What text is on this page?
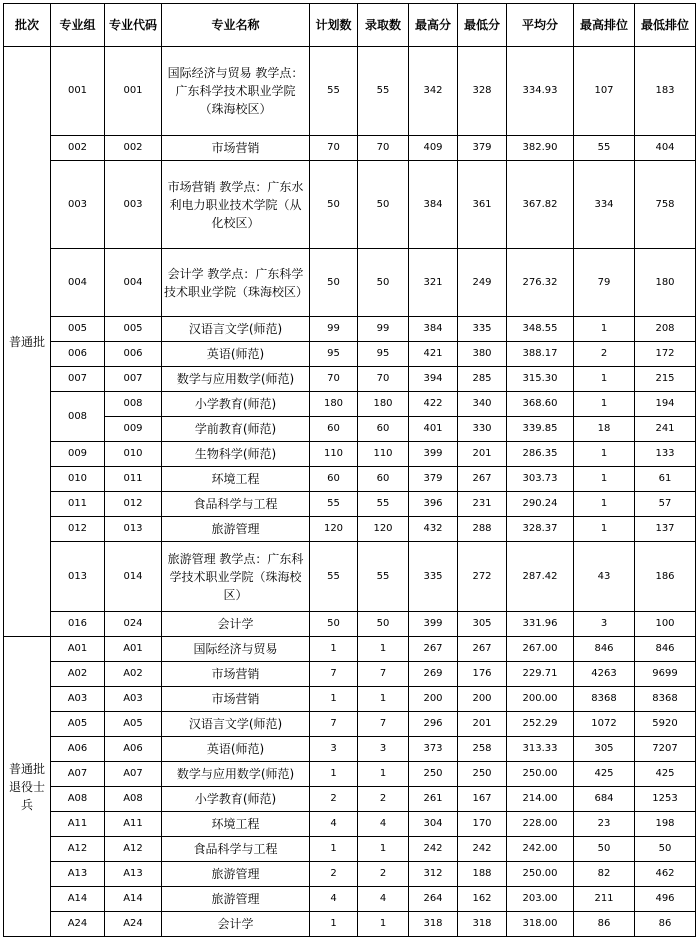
批次	专业组	专业代码	专业名称	计划数	录取数	最高分	最低分	平均分	最高排位	最低排位
普通批	001	001	国际经济与贸易 教学点：广东科学技术职业学院（珠海校区）	55	55	342	328	334.93	107	183
	002	002	市场营销	70	70	409	379	382.90	55	404
	003	003	市场营销 教学点：广东水利电力职业技术学院（从化校区）	50	50	384	361	367.82	334	758
	004	004	会计学 教学点：广东科学技术职业学院（珠海校区）	50	50	321	249	276.32	79	180
	005	005	汉语言文学(师范)	99	99	384	335	348.55	1	208
	006	006	英语(师范)	95	95	421	380	388.17	2	172
	007	007	数学与应用数学(师范)	70	70	394	285	315.30	1	215
	008	008	小学教育(师范)	180	180	422	340	368.60	1	194
		009	学前教育(师范)	60	60	401	330	339.85	18	241
	009	010	生物科学(师范)	110	110	399	201	286.35	1	133
	010	011	环境工程	60	60	379	267	303.73	1	61
	011	012	食品科学与工程	55	55	396	231	290.24	1	57
	012	013	旅游管理	120	120	432	288	328.37	1	137
	013	014	旅游管理 教学点：广东科学技术职业学院（珠海校区）	55	55	335	272	287.42	43	186
	016	024	会计学	50	50	399	305	331.96	3	100
普通批退役士兵	A01	A01	国际经济与贸易	1	1	267	267	267.00	846	846
	A02	A02	市场营销	7	7	269	176	229.71	4263	9699
	A03	A03	市场营销	1	1	200	200	200.00	8368	8368
	A05	A05	汉语言文学(师范)	7	7	296	201	252.29	1072	5920
	A06	A06	英语(师范)	3	3	373	258	313.33	305	7207
	A07	A07	数学与应用数学(师范)	1	1	250	250	250.00	425	425
	A08	A08	小学教育(师范)	2	2	261	167	214.00	684	1253
	A11	A11	环境工程	4	4	304	170	228.00	23	198
	A12	A12	食品科学与工程	1	1	242	242	242.00	50	50
	A13	A13	旅游管理	2	2	312	188	250.00	82	462
	A14	A14	旅游管理	4	4	264	162	203.00	211	496
	A24	A24	会计学	1	1	318	318	318.00	86	86
